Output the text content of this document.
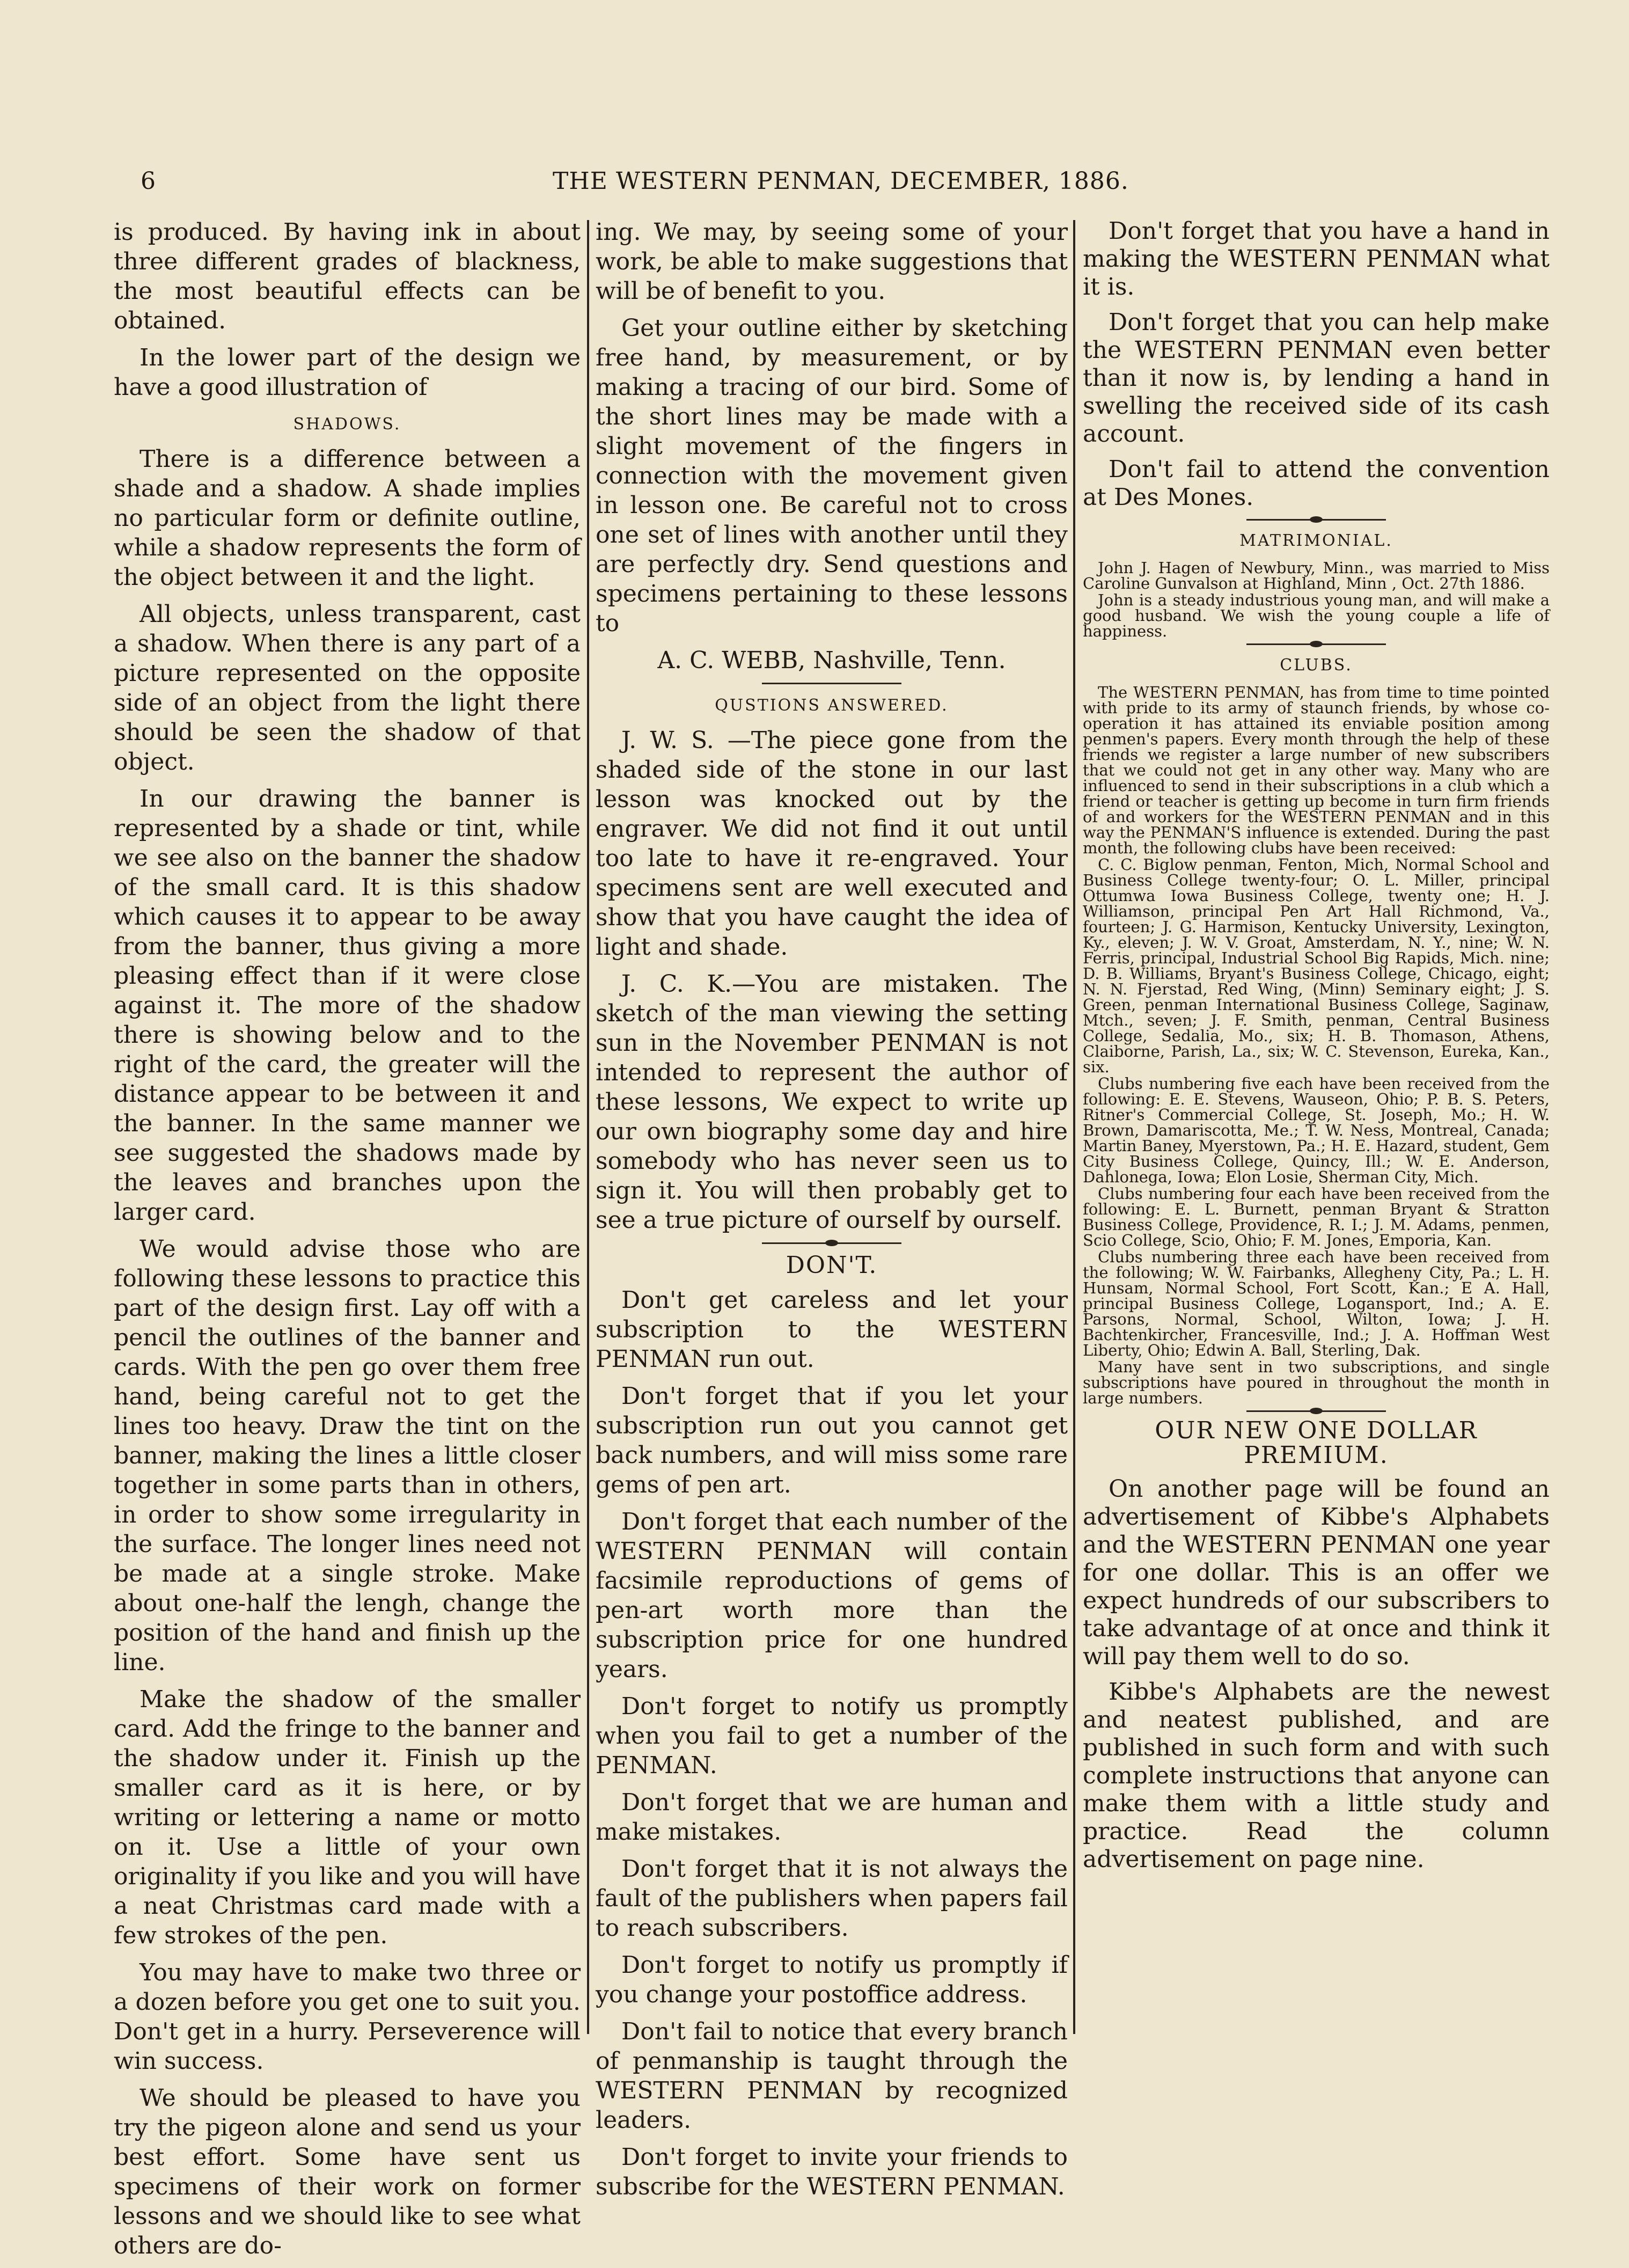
6	THE WESTERN PENMAN, DECEMBER, 1886.

is produced. By having ink in about three different grades of blackness, the most beautiful effects can be obtained.

In the lower part of the design we have a good illustration of

SHADOWS.

There is a difference between a shade and a shadow. A shade implies no particular form or definite outline, while a shadow represents the form of the object between it and the light.

All objects, unless transparent, cast a shadow. When there is any part of a picture represented on the opposite side of an object from the light there should be seen the shadow of that object.

In our drawing the banner is represented by a shade or tint, while we see also on the banner the shadow of the small card. It is this shadow which causes it to appear to be away from the banner, thus giving a more pleasing effect than if it were close against it. The more of the shadow there is showing below and to the right of the card, the greater will the distance appear to be between it and the banner. In the same manner we see suggested the shadows made by the leaves and branches upon the larger card.

We would advise those who are following these lessons to practice this part of the design first. Lay off with a pencil the outlines of the banner and cards. With the pen go over them free hand, being careful not to get the lines too heavy. Draw the tint on the banner, making the lines a little closer together in some parts than in others, in order to show some irregularity in the surface. The longer lines need not be made at a single stroke. Make about one-half the lengh, change the position of the hand and finish up the line.

Make the shadow of the smaller card. Add the fringe to the banner and the shadow under it. Finish up the smaller card as it is here, or by writing or lettering a name or motto on it. Use a little of your own originality if you like and you will have a neat Christmas card made with a few strokes of the pen.

You may have to make two three or a dozen before you get one to suit you. Don't get in a hurry. Perseverence will win success.

We should be pleased to have you try the pigeon alone and send us your best effort. Some have sent us specimens of their work on former lessons and we should like to see what others are do-

ing. We may, by seeing some of your work, be able to make suggestions that will be of benefit to you.

Get your outline either by sketching free hand, by measurement, or by making a tracing of our bird. Some of the short lines may be made with a slight movement of the fingers in connection with the movement given in lesson one. Be careful not to cross one set of lines with another until they are perfectly dry. Send questions and specimens pertaining to these lessons to

A. C. WEBB, Nashville, Tenn.

QUSTIONS ANSWERED.

J. W. S. —The piece gone from the shaded side of the stone in our last lesson was knocked out by the engraver. We did not find it out until too late to have it re-engraved. Your specimens sent are well executed and show that you have caught the idea of light and shade.

J. C. K.—You are mistaken. The sketch of the man viewing the setting sun in the November PENMAN is not intended to represent the author of these lessons, We expect to write up our own biography some day and hire somebody who has never seen us to sign it. You will then probably get to see a true picture of ourself by ourself.

DON'T.

Don't get careless and let your subscription to the WESTERN PENMAN run out.

Don't forget that if you let your subscription run out you cannot get back numbers, and will miss some rare gems of pen art.

Don't forget that each number of the WESTERN PENMAN will contain facsimile reproductions of gems of pen-art worth more than the subscription price for one hundred years.

Don't forget to notify us promptly when you fail to get a number of the PENMAN.

Don't forget that we are human and make mistakes.

Don't forget that it is not always the fault of the publishers when papers fail to reach subscribers.

Don't forget to notify us promptly if you change your postoffice address.

Don't fail to notice that every branch of penmanship is taught through the WESTERN PENMAN by recognized leaders.

Don't forget to invite your friends to subscribe for the WESTERN PENMAN.

Don't forget that you have a hand in making the WESTERN PENMAN what it is.

Don't forget that you can help make the WESTERN PENMAN even better than it now is, by lending a hand in swelling the received side of its cash account.

Don't fail to attend the convention at Des Mones.

MATRIMONIAL.

John J. Hagen of Newbury, Minn., was married to Miss Caroline Gunvalson at Highland, Minn , Oct. 27th 1886.

John is a steady industrious young man, and will make a good husband. We wish the young couple a life of happiness.

CLUBS.

The WESTERN PENMAN, has from time to time pointed with pride to its army of staunch friends, by whose co-operation it has attained its enviable position among penmen's papers. Every month through the help of these friends we register a large number of new subscribers that we could not get in any other way. Many who are influenced to send in their subscriptions in a club which a friend or teacher is getting up become in turn firm friends of and workers for the WESTERN PENMAN and in this way the PENMAN'S influence is extended. During the past month, the following clubs have been received:

C. C. Biglow penman, Fenton, Mich, Normal School and Business College twenty-four; O. L. Miller, principal Ottumwa Iowa Business College, twenty one; H. J. Williamson, principal Pen Art Hall Richmond, Va., fourteen; J. G. Harmison, Kentucky University, Lexington, Ky., eleven; J. W. V. Groat, Amsterdam, N. Y., nine; W. N. Ferris, principal, Industrial School Big Rapids, Mich. nine; D. B. Williams, Bryant's Business College, Chicago, eight; N. N. Fjerstad, Red Wing, (Minn) Seminary eight; J. S. Green, penman International Business College, Saginaw, Mtch., seven; J. F. Smith, penman, Central Business College, Sedalia, Mo., six; H. B. Thomason, Athens, Claiborne, Parish, La., six; W. C. Stevenson, Eureka, Kan., six.

Clubs numbering five each have been received from the following: E. E. Stevens, Wauseon, Ohio; P. B. S. Peters, Ritner's Commercial College, St. Joseph, Mo.; H. W. Brown, Damariscotta, Me.; T. W. Ness, Montreal, Canada; Martin Baney, Myerstown, Pa.; H. E. Hazard, student, Gem City Business College, Quincy, Ill.; W. E. Anderson, Dahlonega, Iowa; Elon Losie, Sherman City, Mich.

Clubs numbering four each have been received from the following: E. L. Burnett, penman Bryant & Stratton Business College, Providence, R. I.; J. M. Adams, penmen, Scio College, Scio, Ohio; F. M. Jones, Emporia, Kan.

Clubs numbering three each have been received from the following; W. W. Fairbanks, Allegheny City, Pa.; L. H. Hunsam, Normal School, Fort Scott, Kan.; E A. Hall, principal Business College, Logansport, Ind.; A. E. Parsons, Normal, School, Wilton, Iowa; J. H. Bachtenkircher, Francesville, Ind.; J. A. Hoffman West Liberty, Ohio; Edwin A. Ball, Sterling, Dak.

Many have sent in two subscriptions, and single subscriptions have poured in throughout the month in large numbers.

OUR NEW ONE DOLLAR PREMIUM.

On another page will be found an advertisement of Kibbe's Alphabets and the WESTERN PENMAN one year for one dollar. This is an offer we expect hundreds of our subscribers to take advantage of at once and think it will pay them well to do so.

Kibbe's Alphabets are the newest and neatest published, and are published in such form and with such complete instructions that anyone can make them with a little study and practice. Read the column advertisement on page nine.
